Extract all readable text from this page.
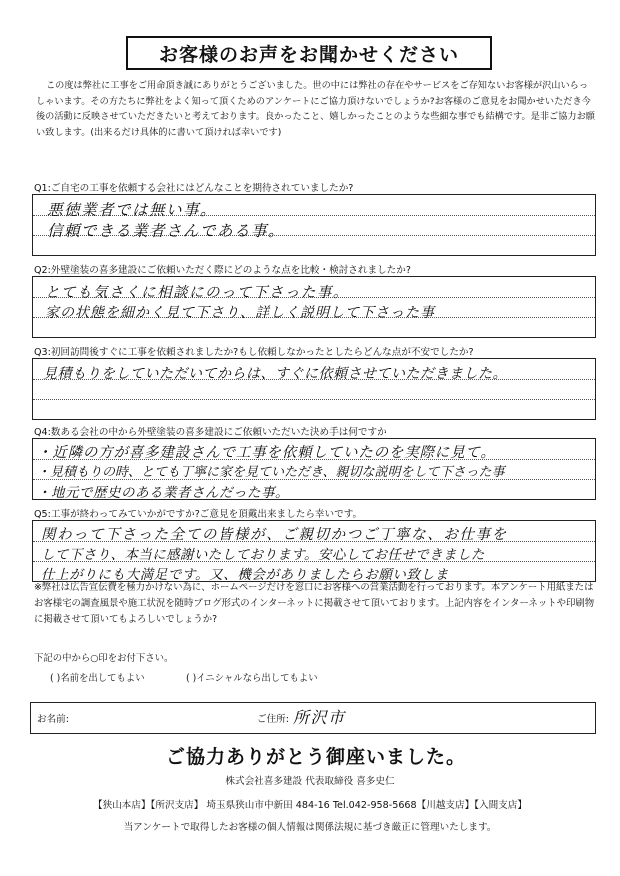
お客様のお声をお聞かせください
この度は弊社に工事をご用命頂き誠にありがとうございました。世の中には弊社の存在やサービスをご存知ないお客様が沢山いらっしゃいます。その方たちに弊社をよく知って頂くためのアンケートにご協力頂けないでしょうか?お客様のご意見をお聞かせいただき今後の活動に反映させていただきたいと考えております。良かったこと、嬉しかったことのような些細な事でも結構です。是非ご協力お願い致します。(出来るだけ具体的に書いて頂ければ幸いです)
Q1:ご自宅の工事を依頼する会社にはどんなことを期待されていましたか?
悪徳業者では無い事。
信頼できる業者さんである事。
Q2:外壁塗装の喜多建設にご依頼いただく際にどのような点を比較・検討されましたか?
とても気さくに相談にのって下さった事。
家の状態を細かく見て下さり、詳しく説明して下さった事
Q3:初回訪問後すぐに工事を依頼されましたか?もし依頼しなかったとしたらどんな点が不安でしたか?
見積もりをしていただいてからは、すぐに依頼させていただきました。
Q4:数ある会社の中から外壁塗装の喜多建設にご依頼いただいた決め手は何ですか
・近隣の方が喜多建設さんで工事を依頼していたのを実際に見て。
・見積もりの時、とても丁寧に家を見ていただき、親切な説明をして下さった事
・地元で歴史のある業者さんだった事。
Q5:工事が終わってみていかがですか?ご意見を頂戴出来ましたら幸いです。
関わって下さった全ての皆様が、ご親切かつご丁寧な、お仕事を
して下さり、本当に感謝いたしております。安心してお任せできました
仕上がりにも大満足です。又、機会がありましたらお願い致しま
※弊社は広告宣伝費を極力かけない為に、ホームページだけを窓口にお客様への営業活動を行っております。本アンケート用紙またはお客様宅の調査風景や施工状況を随時ブログ形式のインターネットに掲載させて頂いております。上記内容をインターネットや印刷物に掲載させて頂いてもよろしいでしょうか?
下記の中から○印をお付下さい。
( )名前を出してもよい	( )イニシャルなら出してもよい
お名前:	ご住所: 所沢市
ご協力ありがとう御座いました。
株式会社喜多建設 代表取締役 喜多史仁
【狭山本店】【所沢支店】 埼玉県狭山市中新田 484-16 Tel.042-958-5668【川越支店】【入間支店】
当アンケートで取得したお客様の個人情報は関係法規に基づき厳正に管理いたします。
